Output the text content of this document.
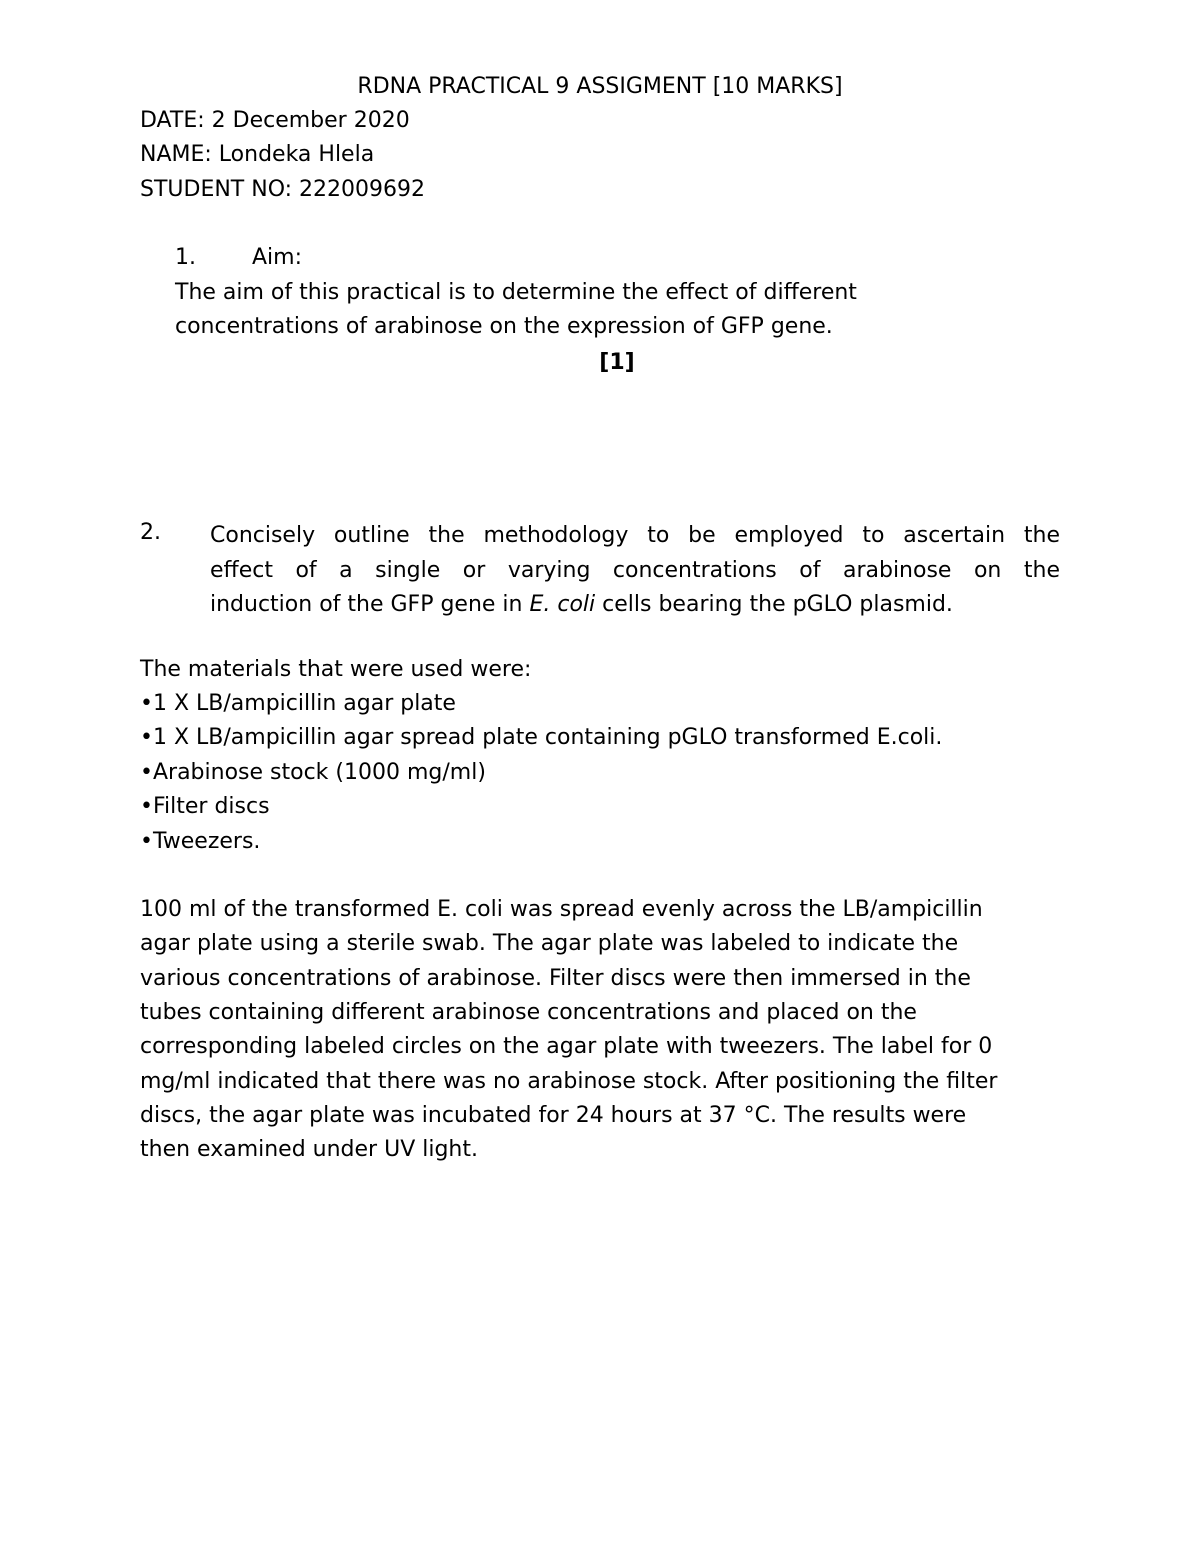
RDNA PRACTICAL 9 ASSIGMENT [10 MARKS]
DATE: 2 December 2020
NAME: Londeka Hlela
STUDENT NO: 222009692
1.	Aim:
The aim of this practical is to determine the effect of different
concentrations of arabinose on the expression of GFP gene.
[1]
2. Concisely outline the methodology to be employed to ascertain the
effect of a single or varying concentrations of arabinose on the
induction of the GFP gene in E. coli cells bearing the pGLO plasmid.
The materials that were used were:
•1 X LB/ampicillin agar plate
•1 X LB/ampicillin agar spread plate containing pGLO transformed E.coli.
•Arabinose stock (1000 mg/ml)
•Filter discs
•Tweezers.
100 ml of the transformed E. coli was spread evenly across the LB/ampicillin
agar plate using a sterile swab. The agar plate was labeled to indicate the
various concentrations of arabinose. Filter discs were then immersed in the
tubes containing different arabinose concentrations and placed on the
corresponding labeled circles on the agar plate with tweezers. The label for 0
mg/ml indicated that there was no arabinose stock. After positioning the filter
discs, the agar plate was incubated for 24 hours at 37 °C. The results were
then examined under UV light.
